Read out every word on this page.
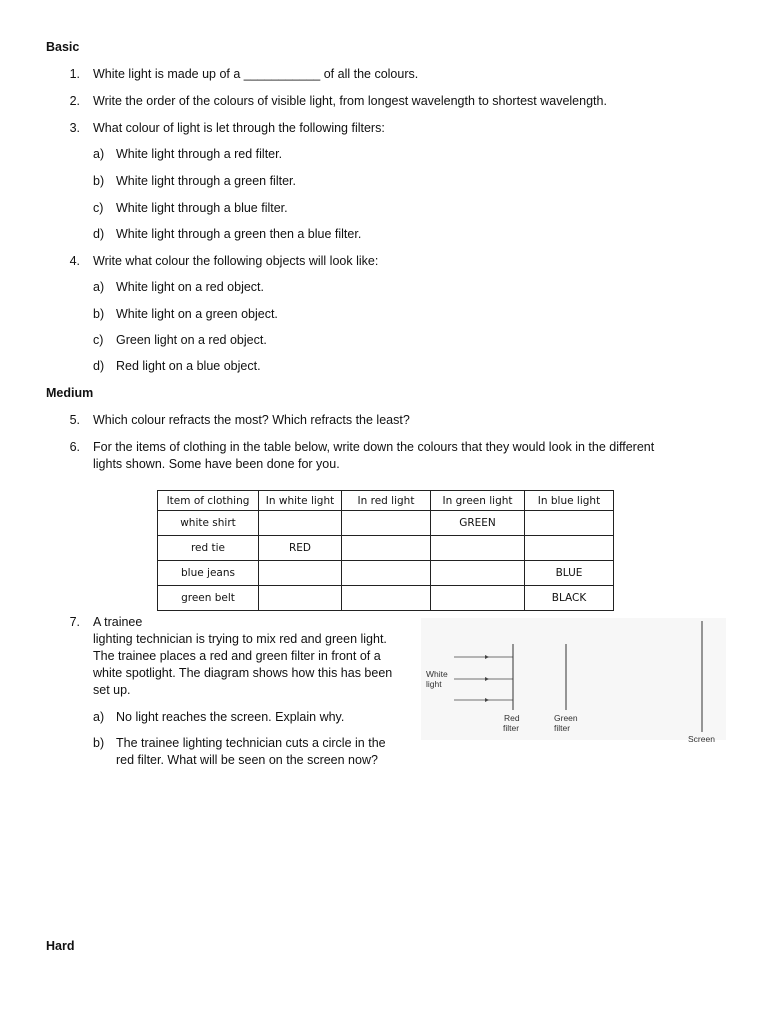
Basic
1. White light is made up of a ___________ of all the colours.
2. Write the order of the colours of visible light, from longest wavelength to shortest wavelength.
3. What colour of light is let through the following filters:
a) White light through a red filter.
b) White light through a green filter.
c) White light through a blue filter.
d) White light through a green then a blue filter.
4. Write what colour the following objects will look like:
a) White light on a red object.
b) White light on a green object.
c) Green light on a red object.
d) Red light on a blue object.
Medium
5. Which colour refracts the most? Which refracts the least?
6. For the items of clothing in the table below, write down the colours that they would look in the different
lights shown. Some have been done for you.
Item of clothing	In white light	In red light	In green light	In blue light
white shirt			GREEN	
red tie	RED			
blue jeans				BLUE
green belt				BLACK
7. A trainee
lighting technician is trying to mix red and green light.
The trainee places a red and green filter in front of a
white spotlight. The diagram shows how this has been
set up.
a) No light reaches the screen. Explain why.
b) The trainee lighting technician cuts a circle in the
red filter. What will be seen on the screen now?
White
light
Red
filter
Green
filter
Screen
Hard
